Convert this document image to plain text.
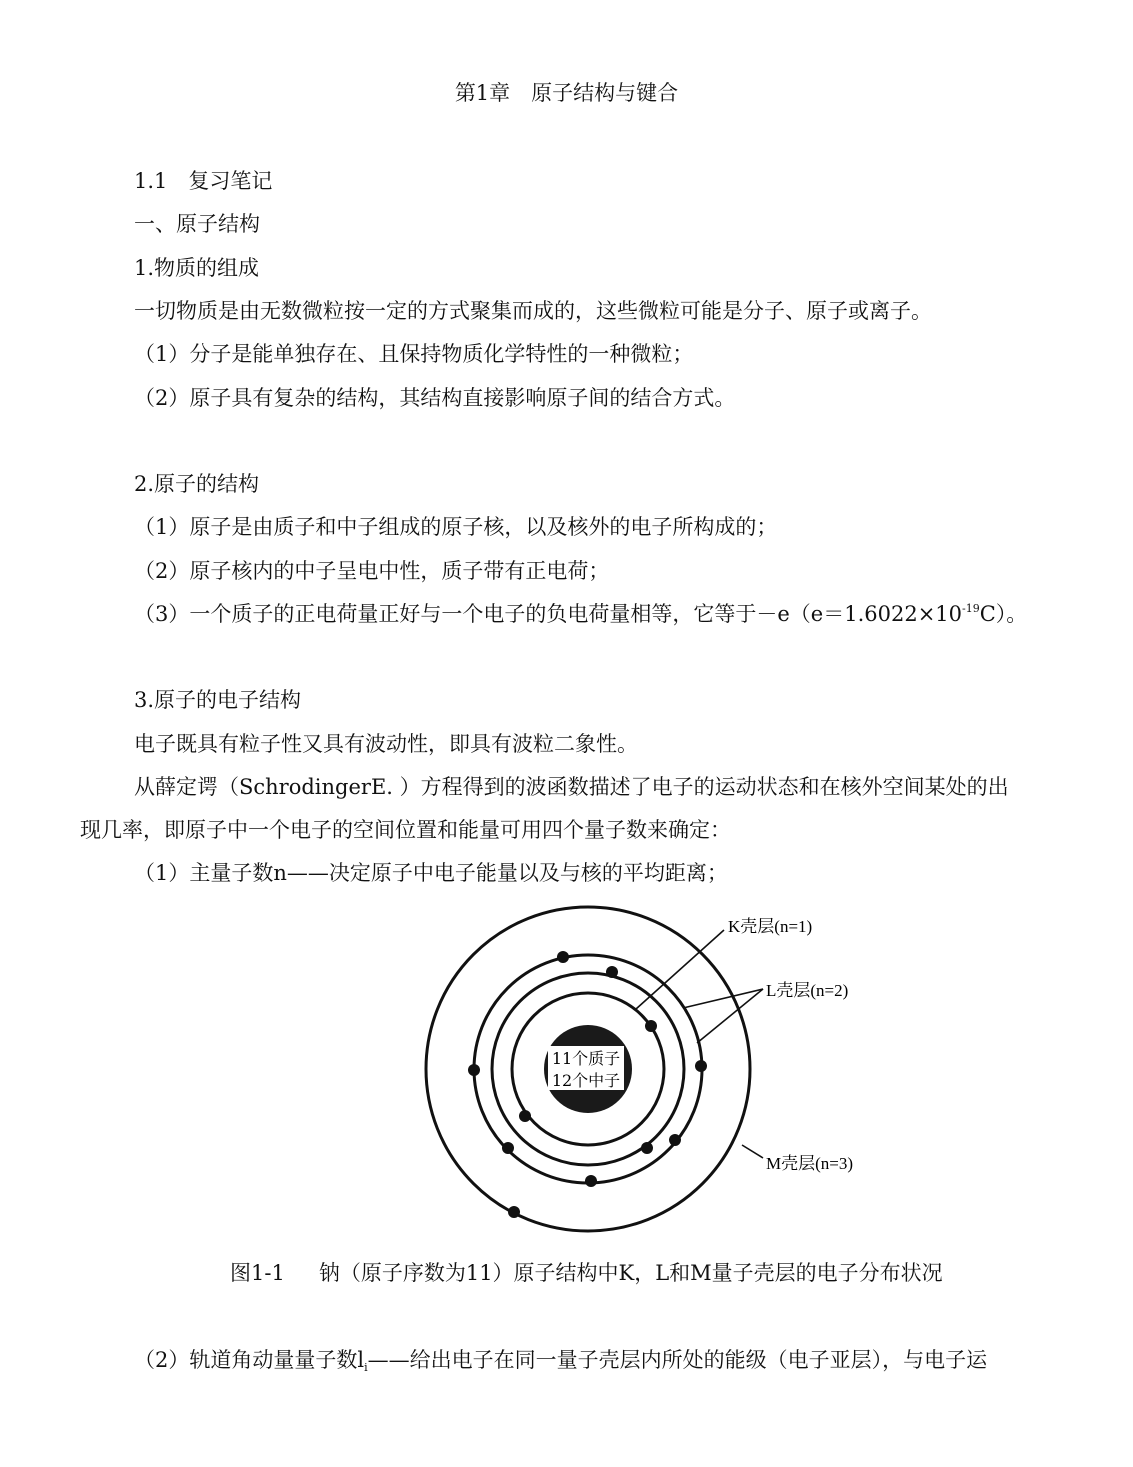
第1章　原子结构与键合
1.1　复习笔记
一、原子结构
1.物质的组成
一切物质是由无数微粒按一定的方式聚集而成的，这些微粒可能是分子、原子或离子。
（1）分子是能单独存在、且保持物质化学特性的一种微粒；
（2）原子具有复杂的结构，其结构直接影响原子间的结合方式。
2.原子的结构
（1）原子是由质子和中子组成的原子核，以及核外的电子所构成的；
（2）原子核内的中子呈电中性，质子带有正电荷；
（3）一个质子的正电荷量正好与一个电子的负电荷量相等，它等于$-e(e=1.6022\times 10^{-19}C)$。
3.原子的电子结构
电子既具有粒子性又具有波动性，即具有波粒二象性。
从薛定谔（SchrodingerE. ）方程得到的波函数描述了电子的运动状态和在核外空间某处的出
现几率，即原子中一个电子的空间位置和能量可用四个量子数来确定：
（1）主量子数n——决定原子中电子能量以及与核的平均距离；
11个质子
12个中子
K壳层(n=1)
L壳层(n=2)
M壳层(n=3)
图1-1 钠（原子序数为11）原子结构中K，L和M量子壳层的电子分布状况
（2）轨道角动量量子数$l_i——$给出电子在同一量子壳层内所处的能级（电子亚层），与电子运
